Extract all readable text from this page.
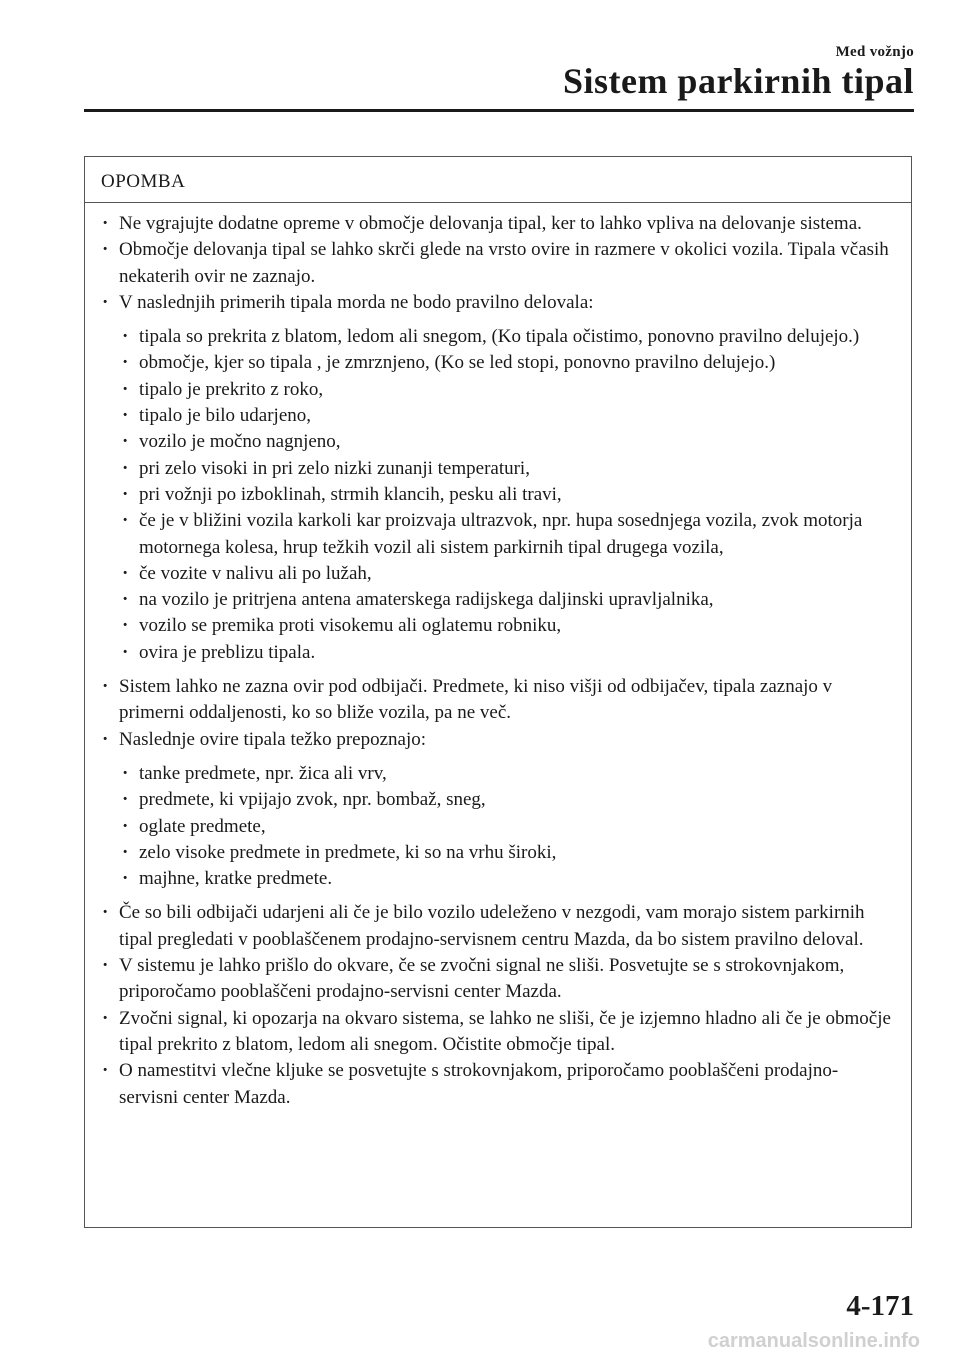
Med vožnjo
Sistem parkirnih tipal
OPOMBA
· Ne vgrajujte dodatne opreme v območje delovanja tipal, ker to lahko vpliva na delovanje sistema.
· Območje delovanja tipal se lahko skrči glede na vrsto ovire in razmere v okolici vozila. Tipala včasih nekaterih ovir ne zaznajo.
· V naslednjih primerih tipala morda ne bodo pravilno delovala:
· tipala so prekrita z blatom, ledom ali snegom, (Ko tipala očistimo, ponovno pravilno delujejo.)
· območje, kjer so tipala , je zmrznjeno, (Ko se led stopi, ponovno pravilno delujejo.)
· tipalo je prekrito z roko,
· tipalo je bilo udarjeno,
· vozilo je močno nagnjeno,
· pri zelo visoki in pri zelo nizki zunanji temperaturi,
· pri vožnji po izboklinah, strmih klancih, pesku ali travi,
· če je v bližini vozila karkoli kar proizvaja ultrazvok, npr. hupa sosednjega vozila, zvok motorja motornega kolesa, hrup težkih vozil ali sistem parkirnih tipal drugega vozila,
· če vozite v nalivu ali po lužah,
· na vozilo je pritrjena antena amaterskega radijskega daljinski upravljalnika,
· vozilo se premika proti visokemu ali oglatemu robniku,
· ovira je preblizu tipala.
· Sistem lahko ne zazna ovir pod odbijači. Predmete, ki niso višji od odbijačev, tipala zaznajo v primerni oddaljenosti, ko so bliže vozila, pa ne več.
· Naslednje ovire tipala težko prepoznajo:
· tanke predmete, npr. žica ali vrv,
· predmete, ki vpijajo zvok, npr. bombaž, sneg,
· oglate predmete,
· zelo visoke predmete in predmete, ki so na vrhu široki,
· majhne, kratke predmete.
· Če so bili odbijači udarjeni ali če je bilo vozilo udeleženo v nezgodi, vam morajo sistem parkirnih tipal pregledati v pooblaščenem prodajno-servisnem centru Mazda, da bo sistem pravilno deloval.
· V sistemu je lahko prišlo do okvare, če se zvočni signal ne sliši. Posvetujte se s strokovnjakom, priporočamo pooblaščeni prodajno-servisni center Mazda.
· Zvočni signal, ki opozarja na okvaro sistema, se lahko ne sliši, če je izjemno hladno ali če je območje tipal prekrito z blatom, ledom ali snegom. Očistite območje tipal.
· O namestitvi vlečne kljuke se posvetujte s strokovnjakom, priporočamo pooblaščeni prodajno-servisni center Mazda.
4-171
carmanualsonline.info
